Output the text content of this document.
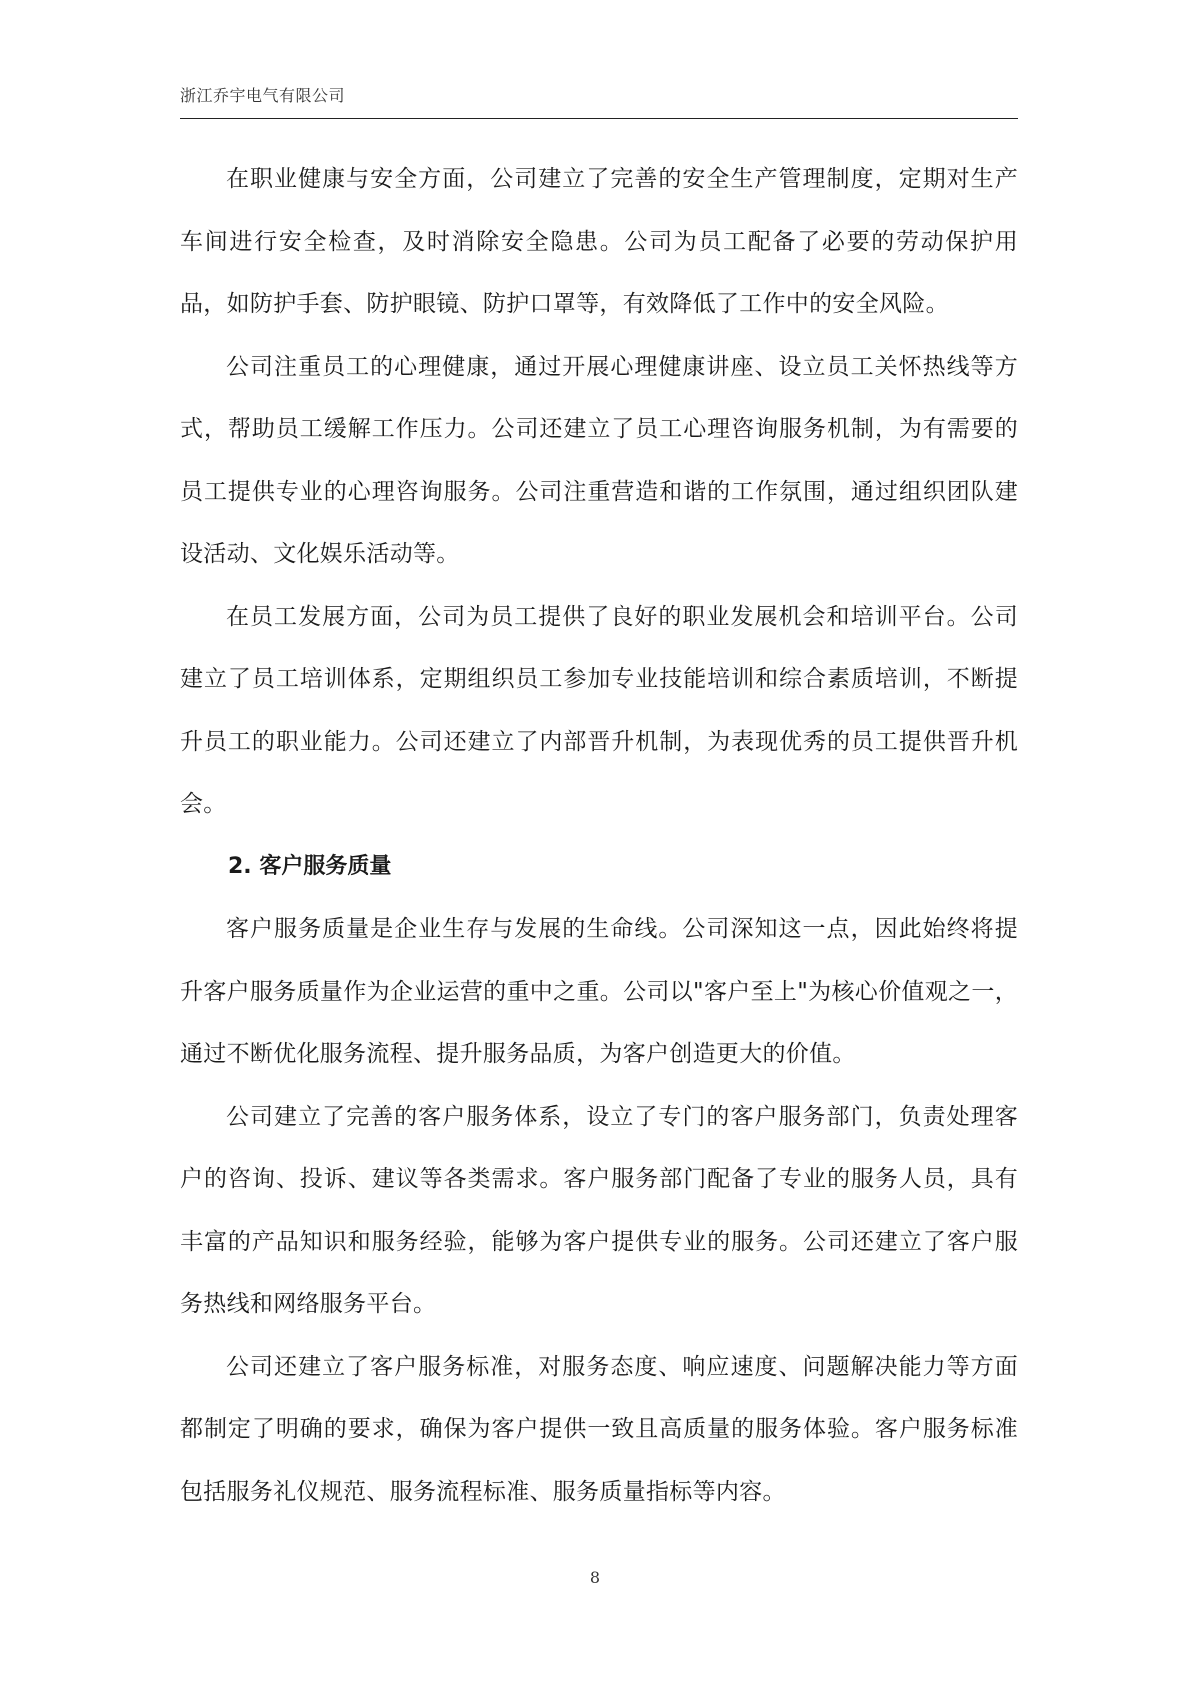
浙江乔宇电气有限公司

在职业健康与安全方面，公司建立了完善的安全生产管理制度，定期对生产车间进行安全检查，及时消除安全隐患。公司为员工配备了必要的劳动保护用品，如防护手套、防护眼镜、防护口罩等，有效降低了工作中的安全风险。

公司注重员工的心理健康，通过开展心理健康讲座、设立员工关怀热线等方式，帮助员工缓解工作压力。公司还建立了员工心理咨询服务机制，为有需要的员工提供专业的心理咨询服务。公司注重营造和谐的工作氛围，通过组织团队建设活动、文化娱乐活动等。

在员工发展方面，公司为员工提供了良好的职业发展机会和培训平台。公司建立了员工培训体系，定期组织员工参加专业技能培训和综合素质培训，不断提升员工的职业能力。公司还建立了内部晋升机制，为表现优秀的员工提供晋升机会。

2. 客户服务质量

客户服务质量是企业生存与发展的生命线。公司深知这一点，因此始终将提升客户服务质量作为企业运营的重中之重。公司以"客户至上"为核心价值观之一，通过不断优化服务流程、提升服务品质，为客户创造更大的价值。

公司建立了完善的客户服务体系，设立了专门的客户服务部门，负责处理客户的咨询、投诉、建议等各类需求。客户服务部门配备了专业的服务人员，具有丰富的产品知识和服务经验，能够为客户提供专业的服务。公司还建立了客户服务热线和网络服务平台。

公司还建立了客户服务标准，对服务态度、响应速度、问题解决能力等方面都制定了明确的要求，确保为客户提供一致且高质量的服务体验。客户服务标准包括服务礼仪规范、服务流程标准、服务质量指标等内容。

8
